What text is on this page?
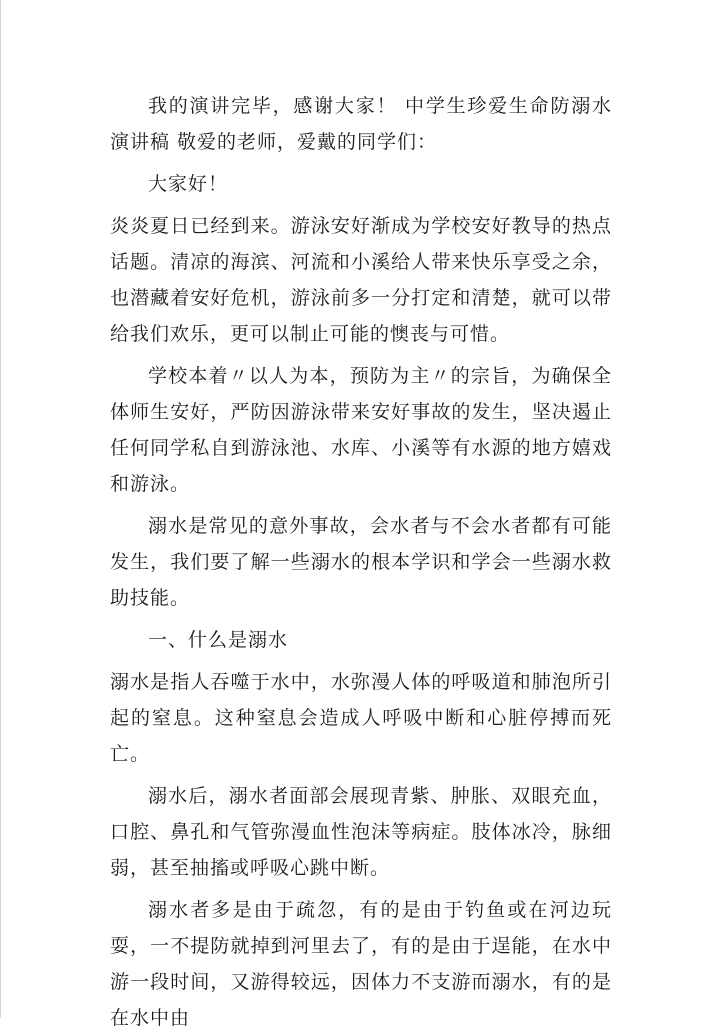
我的演讲完毕，感谢大家！ 中学生珍爱生命防溺水演讲稿 敬爱的老师，爱戴的同学们：

大家好！

炎炎夏日已经到来。游泳安好渐成为学校安好教导的热点话题。清凉的海滨、河流和小溪给人带来快乐享受之余，也潜藏着安好危机，游泳前多一分打定和清楚，就可以带给我们欢乐，更可以制止可能的懊丧与可惜。

学校本着〃以人为本，预防为主〃的宗旨，为确保全体师生安好，严防因游泳带来安好事故的发生，坚决遏止任何同学私自到游泳池、水库、小溪等有水源的地方嬉戏和游泳。

溺水是常见的意外事故，会水者与不会水者都有可能发生，我们要了解一些溺水的根本学识和学会一些溺水救助技能。

一、什么是溺水

溺水是指人吞噬于水中，水弥漫人体的呼吸道和肺泡所引起的窒息。这种窒息会造成人呼吸中断和心脏停搏而死亡。

溺水后，溺水者面部会展现青紫、肿胀、双眼充血，口腔、鼻孔和气管弥漫血性泡沫等病症。肢体冰冷，脉细弱，甚至抽搐或呼吸心跳中断。

溺水者多是由于疏忽，有的是由于钓鱼或在河边玩耍，一不提防就掉到河里去了，有的是由于逞能，在水中游一段时间，又游得较远，因体力不支游而溺水，有的是在水中由
